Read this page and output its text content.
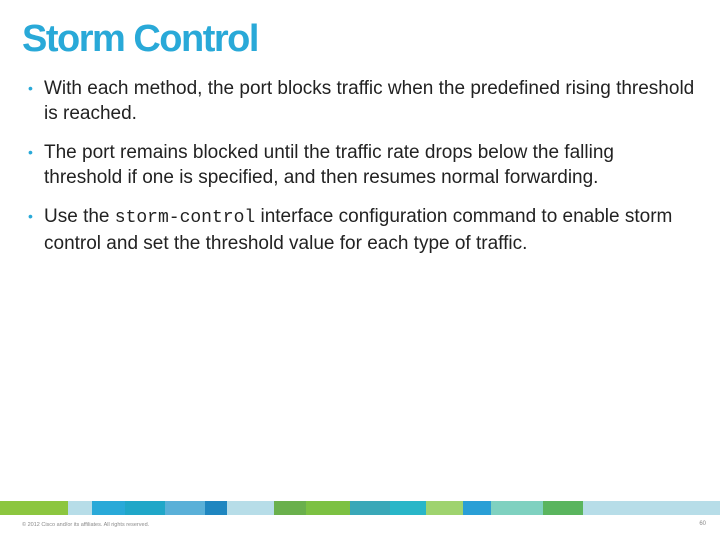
Storm Control
• With each method, the port blocks traffic when the predefined rising threshold is reached.
• The port remains blocked until the traffic rate drops below the falling threshold if one is specified, and then resumes normal forwarding.
• Use the storm-control interface configuration command to enable storm control and set the threshold value for each type of traffic.
© 2012 Cisco and/or its affiliates. All rights reserved.	60
